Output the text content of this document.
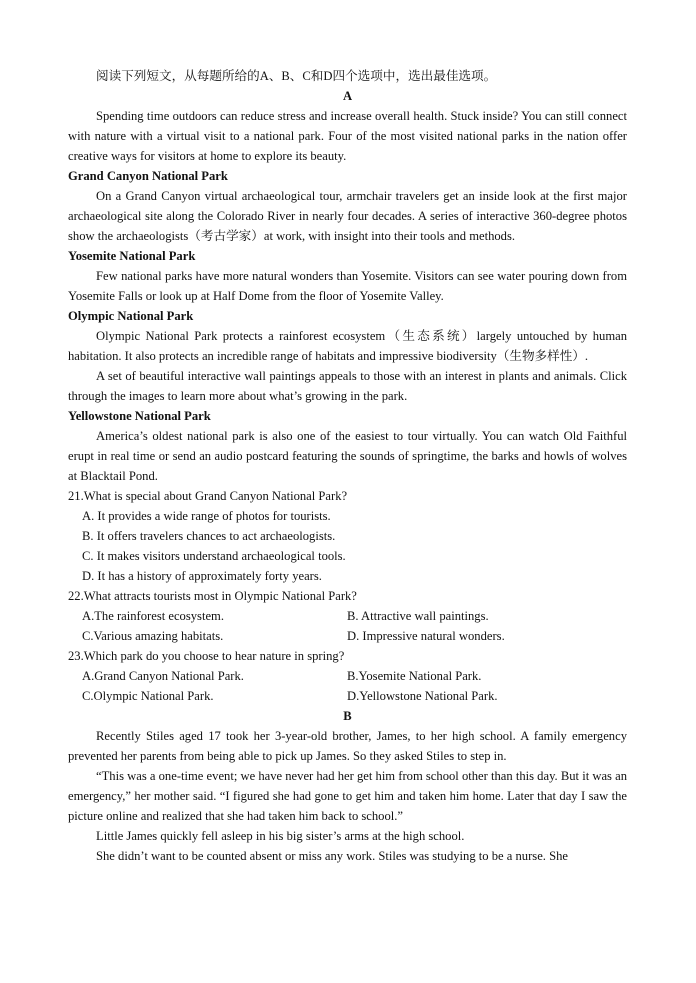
阅读下列短文，从每题所给的A、B、C和D四个选项中，选出最佳选项。

A

Spending time outdoors can reduce stress and increase overall health. Stuck inside? You can still connect with nature with a virtual visit to a national park. Four of the most visited national parks in the nation offer creative ways for visitors at home to explore its beauty.

Grand Canyon National Park

On a Grand Canyon virtual archaeological tour, armchair travelers get an inside look at the first major archaeological site along the Colorado River in nearly four decades. A series of interactive 360-degree photos show the archaeologists（考古学家）at work, with insight into their tools and methods.

Yosemite National Park

Few national parks have more natural wonders than Yosemite. Visitors can see water pouring down from Yosemite Falls or look up at Half Dome from the floor of Yosemite Valley.

Olympic National Park

Olympic National Park protects a rainforest ecosystem（生态系统）largely untouched by human habitation. It also protects an incredible range of habitats and impressive biodiversity（生物多样性）.

A set of beautiful interactive wall paintings appeals to those with an interest in plants and animals. Click through the images to learn more about what’s growing in the park.

Yellowstone National Park

America’s oldest national park is also one of the easiest to tour virtually. You can watch Old Faithful erupt in real time or send an audio postcard featuring the sounds of springtime, the barks and howls of wolves at Blacktail Pond.

21.What is special about Grand Canyon National Park?

A. It provides a wide range of photos for tourists.

B. It offers travelers chances to act archaeologists.

C. It makes visitors understand archaeological tools.

D. It has a history of approximately forty years.

22.What attracts tourists most in Olympic National Park?

A.The rainforest ecosystem.	B. Attractive wall paintings.
C.Various amazing habitats.	D. Impressive natural wonders.

23.Which park do you choose to hear nature in spring?

A.Grand Canyon National Park.	B.Yosemite National Park.
C.Olympic National Park.	D.Yellowstone National Park.

B

Recently Stiles aged 17 took her 3-year-old brother, James, to her high school. A family emergency prevented her parents from being able to pick up James. So they asked Stiles to step in.

“This was a one-time event; we have never had her get him from school other than this day. But it was an emergency,” her mother said. “I figured she had gone to get him and taken him home. Later that day I saw the picture online and realized that she had taken him back to school.”

Little James quickly fell asleep in his big sister’s arms at the high school.

She didn’t want to be counted absent or miss any work. Stiles was studying to be a nurse. She
